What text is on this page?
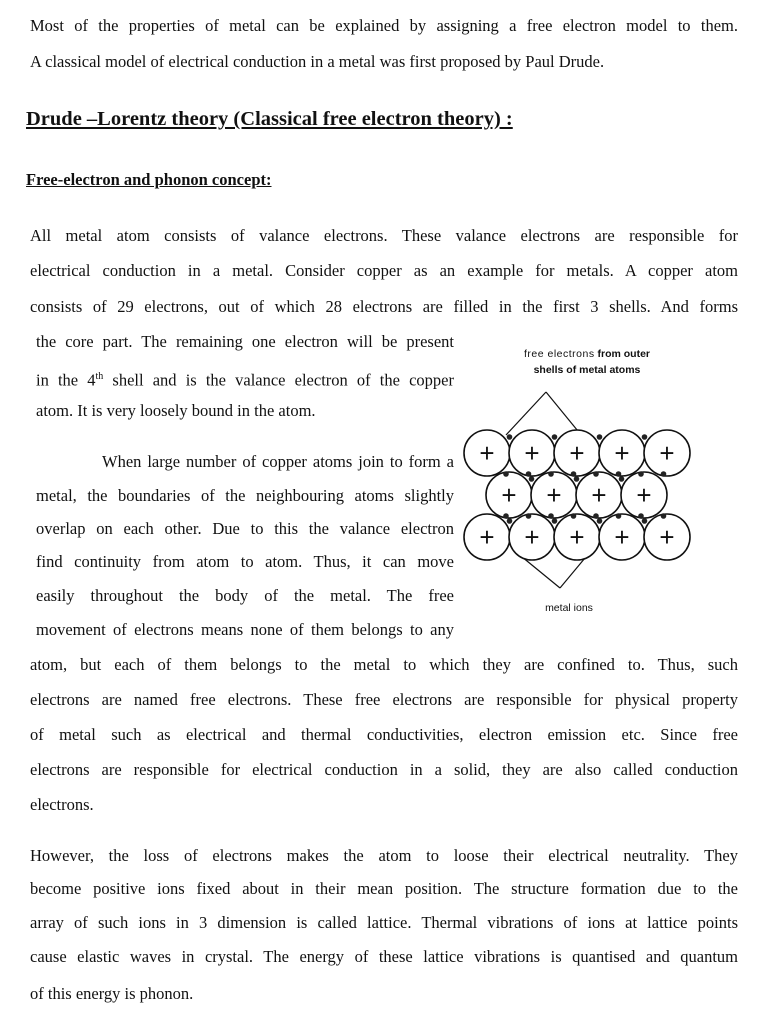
Most of the properties of metal can be explained by assigning a free electron model to them.

A classical model of electrical conduction in a metal was first proposed by Paul Drude.

Drude –Lorentz theory (Classical free electron theory) :
Free-electron and phonon concept:

All metal atom consists of valance electrons. These valance electrons are responsible for

electrical conduction in a metal. Consider copper as an example for metals. A copper atom

consists of 29 electrons, out of which 28 electrons are filled in the first 3 shells. And forms

the core part. The remaining one electron will be present

in the 4th shell and is the valance electron of the copper

atom. It is very loosely bound in the atom.

When large number of copper atoms join to form a

metal, the boundaries of the neighbouring atoms slightly

overlap on each other. Due to this the valance electron

find continuity from atom to atom. Thus, it can move

easily throughout the body of the metal. The free

movement of electrons means none of them belongs to any

atom, but each of them belongs to the metal to which they are confined to. Thus, such

electrons are named free electrons. These free electrons are responsible for physical property

of metal such as electrical and thermal conductivities, electron emission etc. Since free

electrons are responsible for electrical conduction in a solid, they are also called conduction

electrons.

However, the loss of electrons makes the atom to loose their electrical neutrality. They

become positive ions fixed about in their mean position. The structure formation due to the

array of such ions in 3 dimension is called lattice. Thermal vibrations of ions at lattice points

cause elastic waves in crystal. The energy of these lattice vibrations is quantised and quantum

of this energy is phonon.

free electrons from outer
shells of metal atoms
+ + + + +
+ + + +
+ + + + +
metal ions
